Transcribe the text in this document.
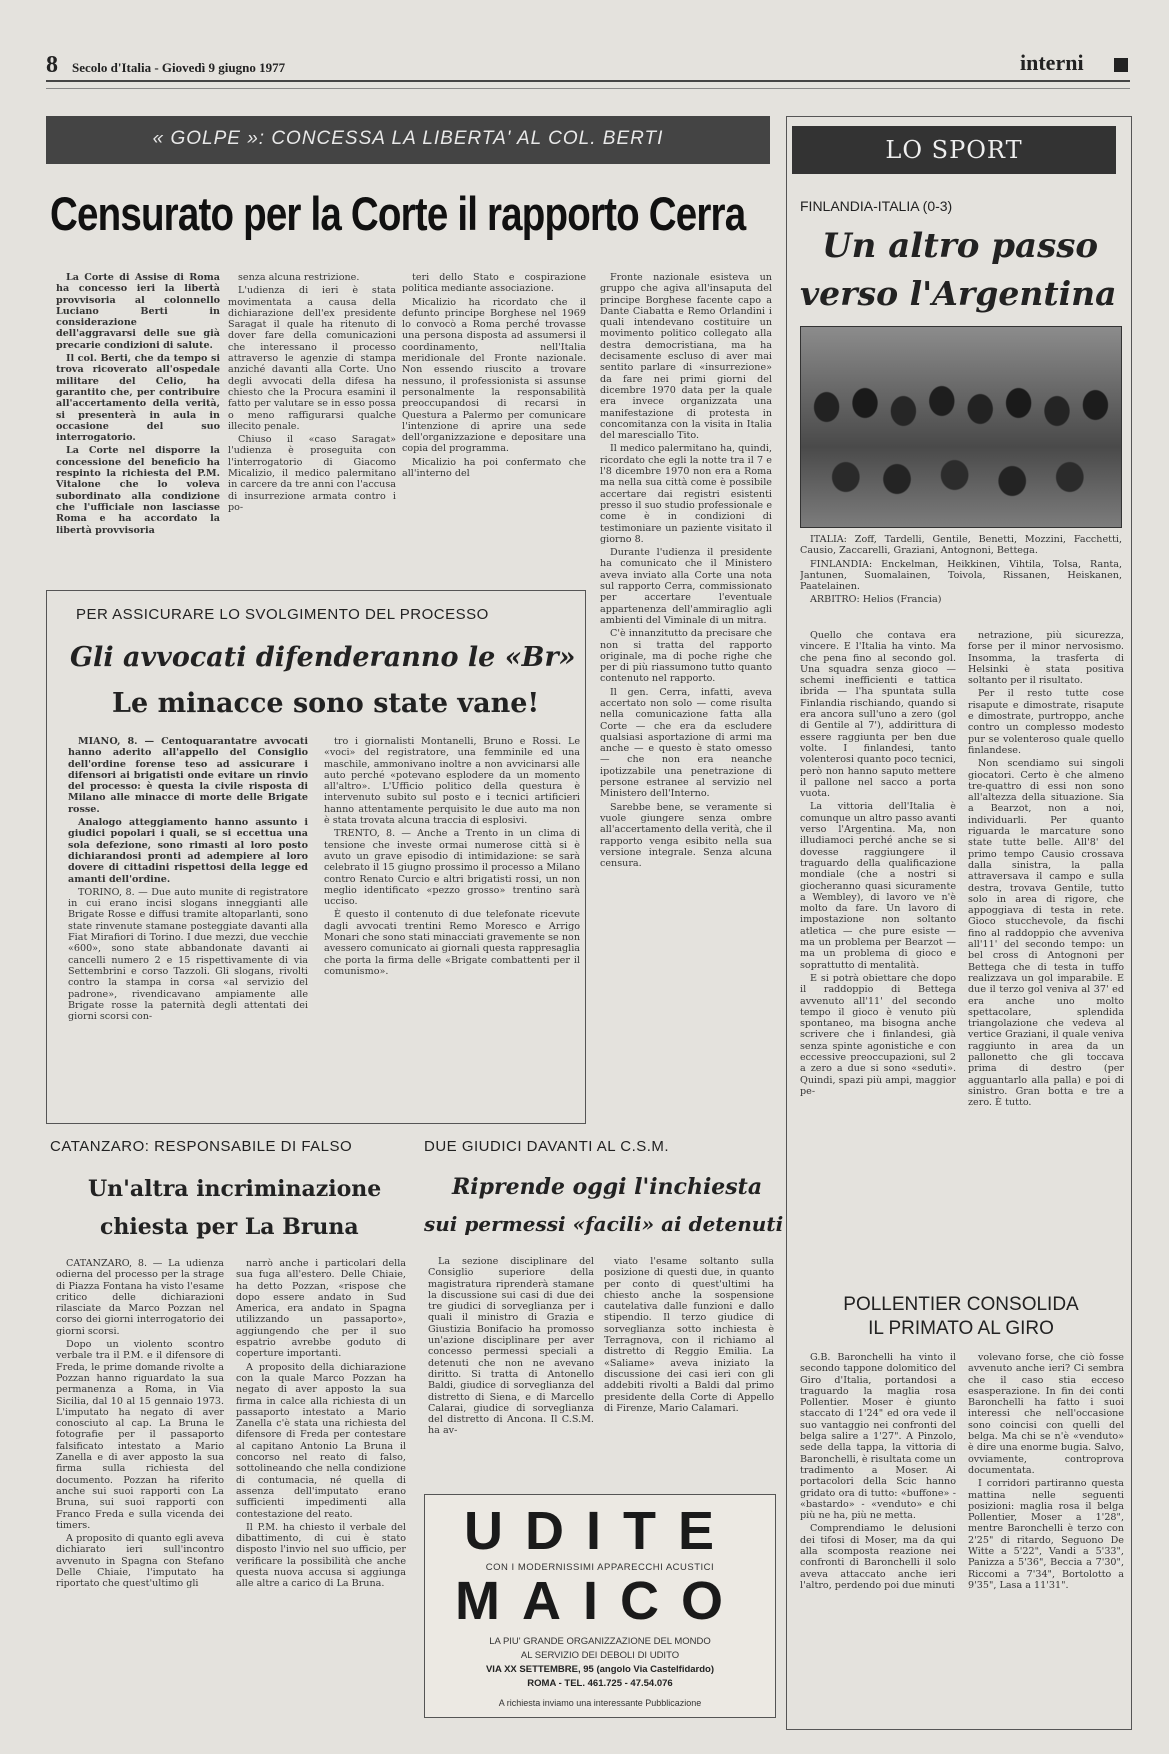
8 Secolo d'Italia - Giovedì 9 giugno 1977	interni
« GOLPE »: CONCESSA LA LIBERTA' AL COL. BERTI
Censurato per la Corte il rapporto Cerra

La Corte di Assise di Roma ha concesso ieri la libertà provvisoria al colonnello Luciano Berti in considerazione dell'aggravarsi delle sue già precarie condizioni di salute.

Il col. Berti, che da tempo si trova ricoverato all'ospedale militare del Celio, ha garantito che, per contribuire all'accertamento della verità, si presenterà in aula in occasione del suo interrogatorio.

La Corte nel disporre la concessione del beneficio ha respinto la richiesta del P.M. Vitalone che lo voleva subordinato alla condizione che l'ufficiale non lasciasse Roma e ha accordato la libertà provvisoria

senza alcuna restrizione.

L'udienza di ieri è stata movimentata a causa della dichiarazione dell'ex presidente Saragat il quale ha ritenuto di dover fare della comunicazioni che interessano il processo attraverso le agenzie di stampa anziché davanti alla Corte. Uno degli avvocati della difesa ha chiesto che la Procura esamini il fatto per valutare se in esso possa o meno raffigurarsi qualche illecito penale.

Chiuso il «caso Saragat» l'udienza è proseguita con l'interrogatorio di Giacomo Micalizio, il medico palermitano in carcere da tre anni con l'accusa di insurrezione armata contro i po-

teri dello Stato e cospirazione politica mediante associazione.

Micalizio ha ricordato che il defunto principe Borghese nel 1969 lo convocò a Roma perché trovasse una persona disposta ad assumersi il coordinamento, nell'Italia meridionale del Fronte nazionale. Non essendo riuscito a trovare nessuno, il professionista si assunse personalmente la responsabilità preoccupandosi di recarsi in Questura a Palermo per comunicare l'intenzione di aprire una sede dell'organizzazione e depositare una copia del programma.

Micalizio ha poi confermato che all'interno del

Fronte nazionale esisteva un gruppo che agiva all'insaputa del principe Borghese facente capo a Dante Ciabatta e Remo Orlandini i quali intendevano costituire un movimento politico collegato alla destra democristiana, ma ha decisamente escluso di aver mai sentito parlare di «insurrezione» da fare nei primi giorni del dicembre 1970 data per la quale era invece organizzata una manifestazione di protesta in concomitanza con la visita in Italia del maresciallo Tito.

Il medico palermitano ha, quindi, ricordato che egli la notte tra il 7 e l'8 dicembre 1970 non era a Roma ma nella sua città come è possibile accertare dai registri esistenti presso il suo studio professionale e come è in condizioni di testimoniare un paziente visitato il giorno 8.

Durante l'udienza il presidente ha comunicato che il Ministero aveva inviato alla Corte una nota sul rapporto Cerra, commissionato per accertare l'eventuale appartenenza dell'ammiraglio agli ambienti del Viminale di un mitra.

C'è innanzitutto da precisare che non si tratta del rapporto originale, ma di poche righe che per di più riassumono tutto quanto contenuto nel rapporto.

Il gen. Cerra, infatti, aveva accertato non solo — come risulta nella comunicazione fatta alla Corte — che era da escludere qualsiasi asportazione di armi ma anche — e questo è stato omesso — che non era neanche ipotizzabile una penetrazione di persone estranee al servizio nel Ministero dell'Interno.

Sarebbe bene, se veramente si vuole giungere senza ombre all'accertamento della verità, che il rapporto venga esibito nella sua versione integrale. Senza alcuna censura.

PER ASSICURARE LO SVOLGIMENTO DEL PROCESSO
Gli avvocati difenderanno le «Br»
Le minacce sono state vane!

MIANO, 8. — Centoquarantatre avvocati hanno aderito all'appello del Consiglio dell'ordine forense teso ad assicurare i difensori ai brigatisti onde evitare un rinvio del processo: è questa la civile risposta di Milano alle minacce di morte delle Brigate rosse.

Analogo atteggiamento hanno assunto i giudici popolari i quali, se si eccettua una sola defezione, sono rimasti al loro posto dichiarandosi pronti ad adempiere al loro dovere di cittadini rispettosi della legge ed amanti dell'ordine.

TORINO, 8. — Due auto munite di registratore in cui erano incisi slogans inneggianti alle Brigate Rosse e diffusi tramite altoparlanti, sono state rinvenute stamane posteggiate davanti alla Fiat Mirafiori di Torino. I due mezzi, due vecchie «600», sono state abbandonate davanti ai cancelli numero 2 e 15 rispettivamente di via Settembrini e corso Tazzoli. Gli slogans, rivolti contro la stampa in corsa «al servizio del padrone», rivendicavano ampiamente alle Brigate rosse la paternità degli attentati dei giorni scorsi con-

tro i giornalisti Montanelli, Bruno e Rossi. Le «voci» del registratore, una femminile ed una maschile, ammonivano inoltre a non avvicinarsi alle auto perché «potevano esplodere da un momento all'altro». L'Ufficio politico della questura è intervenuto subito sul posto e i tecnici artificieri hanno attentamente perquisito le due auto ma non è stata trovata alcuna traccia di esplosivi.

TRENTO, 8. — Anche a Trento in un clima di tensione che investe ormai numerose città si è avuto un grave episodio di intimidazione: se sarà celebrato il 15 giugno prossimo il processo a Milano contro Renato Curcio e altri brigatisti rossi, un non meglio identificato «pezzo grosso» trentino sarà ucciso.

È questo il contenuto di due telefonate ricevute dagli avvocati trentini Remo Moresco e Arrigo Monari che sono stati minacciati gravemente se non avessero comunicato ai giornali questa rappresaglia che porta la firma delle «Brigate combattenti per il comunismo».

CATANZARO: RESPONSABILE DI FALSO
Un'altra incriminazione
chiesta per La Bruna

CATANZARO, 8. — La udienza odierna del processo per la strage di Piazza Fontana ha visto l'esame critico delle dichiarazioni rilasciate da Marco Pozzan nel corso dei giorni interrogatorio dei giorni scorsi.

Dopo un violento scontro verbale tra il P.M. e il difensore di Freda, le prime domande rivolte a Pozzan hanno riguardato la sua permanenza a Roma, in Via Sicilia, dal 10 al 15 gennaio 1973. L'imputato ha negato di aver conosciuto al cap. La Bruna le fotografie per il passaporto falsificato intestato a Mario Zanella e di aver apposto la sua firma sulla richiesta del documento. Pozzan ha riferito anche sui suoi rapporti con La Bruna, sui suoi rapporti con Franco Freda e sulla vicenda dei timers.

A proposito di quanto egli aveva dichiarato ieri sull'incontro avvenuto in Spagna con Stefano Delle Chiaie, l'imputato ha riportato che quest'ultimo gli

narrò anche i particolari della sua fuga all'estero. Delle Chiaie, ha detto Pozzan, «rispose che dopo essere andato in Sud America, era andato in Spagna utilizzando un passaporto», aggiungendo che per il suo espatrio avrebbe goduto di coperture importanti.

A proposito della dichiarazione con la quale Marco Pozzan ha negato di aver apposto la sua firma in calce alla richiesta di un passaporto intestato a Mario Zanella c'è stata una richiesta del difensore di Freda per contestare al capitano Antonio La Bruna il concorso nel reato di falso, sottolineando che nella condizione di contumacia, né quella di assenza dell'imputato erano sufficienti impedimenti alla contestazione del reato.

Il P.M. ha chiesto il verbale del dibattimento, di cui è stato disposto l'invio nel suo ufficio, per verificare la possibilità che anche questa nuova accusa si aggiunga alle altre a carico di La Bruna.

DUE GIUDICI DAVANTI AL C.S.M.
Riprende oggi l'inchiesta
sui permessi «facili» ai detenuti

La sezione disciplinare del Consiglio superiore della magistratura riprenderà stamane la discussione sui casi di due dei tre giudici di sorveglianza per i quali il ministro di Grazia e Giustizia Bonifacio ha promosso un'azione disciplinare per aver concesso permessi speciali a detenuti che non ne avevano diritto. Si tratta di Antonello Baldi, giudice di sorveglianza del distretto di Siena, e di Marcello Calarai, giudice di sorveglianza del distretto di Ancona. Il C.S.M. ha av-

viato l'esame soltanto sulla posizione di questi due, in quanto per conto di quest'ultimi ha chiesto anche la sospensione cautelativa dalle funzioni e dallo stipendio. Il terzo giudice di sorveglianza sotto inchiesta è Terragnova, con il richiamo al distretto di Reggio Emilia. La «Saliame» aveva iniziato la discussione dei casi ieri con gli addebiti rivolti a Baldi dal primo presidente della Corte di Appello di Firenze, Mario Calamari.

UDITE
CON I MODERNISSIMI APPARECCHI ACUSTICI
MAICO
LA PIU' GRANDE ORGANIZZAZIONE DEL MONDO
AL SERVIZIO DEI DEBOLI DI UDITO
VIA XX SETTEMBRE, 95 (angolo Via Castelfidardo)
ROMA - TEL. 461.725 - 47.54.076
A richiesta inviamo una interessante Pubblicazione
LO SPORT
FINLANDIA-ITALIA (0-3)
Un altro passo
verso l'Argentina

ITALIA: Zoff, Tardelli, Gentile, Benetti, Mozzini, Facchetti, Causio, Zaccarelli, Graziani, Antognoni, Bettega.

FINLANDIA: Enckelman, Heikkinen, Vihtila, Tolsa, Ranta, Jantunen, Suomalainen, Toivola, Rissanen, Heiskanen, Paatelainen.

ARBITRO: Helios (Francia)

Quello che contava era vincere. E l'Italia ha vinto. Ma che pena fino al secondo gol. Una squadra senza gioco — schemi inefficienti e tattica ibrida — l'ha spuntata sulla Finlandia rischiando, quando si era ancora sull'uno a zero (gol di Gentile al 7'), addirittura di essere raggiunta per ben due volte. I finlandesi, tanto volenterosi quanto poco tecnici, però non hanno saputo mettere il pallone nel sacco a porta vuota.

La vittoria dell'Italia è comunque un altro passo avanti verso l'Argentina. Ma, non illudiamoci perché anche se si dovesse raggiungere il traguardo della qualificazione mondiale (che a nostri si giocheranno quasi sicuramente a Wembley), di lavoro ve n'è molto da fare. Un lavoro di impostazione non soltanto atletica — che pure esiste — ma un problema per Bearzot — ma un problema di gioco e soprattutto di mentalità.

E si potrà obiettare che dopo il raddoppio di Bettega avvenuto all'11' del secondo tempo il gioco è venuto più spontaneo, ma bisogna anche scrivere che i finlandesi, già senza spinte agonistiche e con eccessive preoccupazioni, sul 2 a zero a due si sono «seduti». Quindi, spazi più ampi, maggior pe-

netrazione, più sicurezza, forse per il minor nervosismo. Insomma, la trasferta di Helsinki è stata positiva soltanto per il risultato.

Per il resto tutte cose risapute e dimostrate, risapute e dimostrate, purtroppo, anche contro un complesso modesto pur se volenteroso quale quello finlandese.

Non scendiamo sui singoli giocatori. Certo è che almeno tre-quattro di essi non sono all'altezza della situazione. Sia a Bearzot, non a noi, individuarli. Per quanto riguarda le marcature sono state tutte belle. All'8' del primo tempo Causio crossava dalla sinistra, la palla attraversava il campo e sulla destra, trovava Gentile, tutto solo in area di rigore, che appoggiava di testa in rete. Gioco stucchevole, da fischi fino al raddoppio che avveniva all'11' del secondo tempo: un bel cross di Antognoni per Bettega che di testa in tuffo realizzava un gol imparabile. E due il terzo gol veniva al 37' ed era anche uno molto spettacolare, splendida triangolazione che vedeva al vertice Graziani, il quale veniva raggiunto in area da un pallonetto che gli toccava prima di destro (per agguantarlo alla palla) e poi di sinistro. Gran botta e tre a zero. È tutto.

POLLENTIER CONSOLIDA
IL PRIMATO AL GIRO

G.B. Baronchelli ha vinto il secondo tappone dolomitico del Giro d'Italia, portandosi a traguardo la maglia rosa Pollentier. Moser è giunto staccato di 1'24" ed ora vede il suo vantaggio nei confronti del belga salire a 1'27". A Pinzolo, sede della tappa, la vittoria di Baronchelli, è risultata come un tradimento a Moser. Ai portacolori della Scic hanno gridato ora di tutto: «buffone» - «bastardo» - «venduto» e chi più ne ha, più ne metta.

Comprendiamo le delusioni dei tifosi di Moser, ma da qui alla scomposta reazione nei confronti di Baronchelli il solo aveva attaccato anche ieri l'altro, perdendo poi due minuti

volevano forse, che ciò fosse avvenuto anche ieri? Ci sembra che il caso stia ecceso esasperazione. In fin dei conti Baronchelli ha fatto i suoi interessi che nell'occasione sono coincisi con quelli del belga. Ma chi se n'è «venduto» è dire una enorme bugia. Salvo, ovviamente, controprova documentata.

I corridori partiranno questa mattina nelle seguenti posizioni: maglia rosa il belga Pollentier, Moser a 1'28", mentre Baronchelli è terzo con 2'25" di ritardo, Seguono De Witte a 5'22", Vandi a 5'33", Panizza a 5'36", Beccia a 7'30", Riccomi a 7'34", Bortolotto a 9'35", Lasa a 11'31".
